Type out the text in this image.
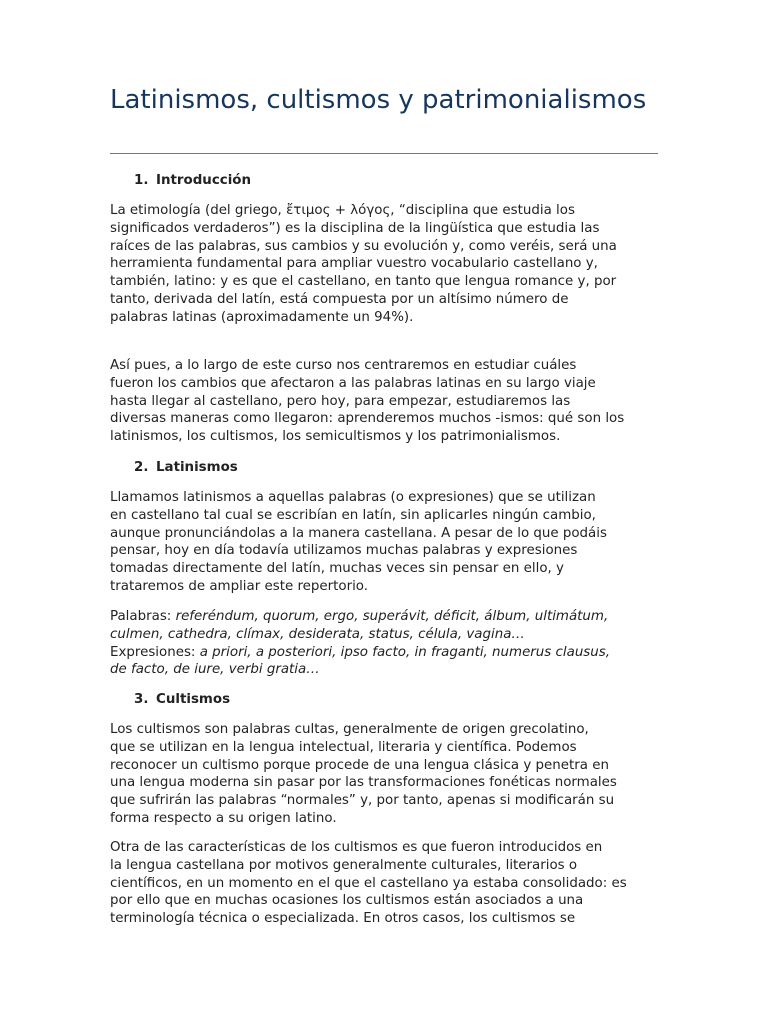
Latinismos, cultismos y patrimonialismos
1. Introducción

La etimología (del griego, ἔτιμος + λόγος, “disciplina que estudia los
significados verdaderos”) es la disciplina de la lingüística que estudia las
raíces de las palabras, sus cambios y su evolución y, como veréis, será una
herramienta fundamental para ampliar vuestro vocabulario castellano y,
también, latino: y es que el castellano, en tanto que lengua romance y, por
tanto, derivada del latín, está compuesta por un altísimo número de
palabras latinas (aproximadamente un 94%).

Así pues, a lo largo de este curso nos centraremos en estudiar cuáles
fueron los cambios que afectaron a las palabras latinas en su largo viaje
hasta llegar al castellano, pero hoy, para empezar, estudiaremos las
diversas maneras como llegaron: aprenderemos muchos -ismos: qué son los
latinismos, los cultismos, los semicultismos y los patrimonialismos.

2. Latinismos

Llamamos latinismos a aquellas palabras (o expresiones) que se utilizan
en castellano tal cual se escribían en latín, sin aplicarles ningún cambio,
aunque pronunciándolas a la manera castellana. A pesar de lo que podáis
pensar, hoy en día todavía utilizamos muchas palabras y expresiones
tomadas directamente del latín, muchas veces sin pensar en ello, y
trataremos de ampliar este repertorio.

Palabras: referéndum, quorum, ergo, superávit, déficit, álbum, ultimátum,
culmen, cathedra, clímax, desiderata, status, célula, vagina…
Expresiones: a priori, a posteriori, ipso facto, in fraganti, numerus clausus,
de facto, de iure, verbi gratia…
3. Cultismos

Los cultismos son palabras cultas, generalmente de origen grecolatino,
que se utilizan en la lengua intelectual, literaria y científica. Podemos
reconocer un cultismo porque procede de una lengua clásica y penetra en
una lengua moderna sin pasar por las transformaciones fonéticas normales
que sufrirán las palabras “normales” y, por tanto, apenas si modificarán su
forma respecto a su origen latino.

Otra de las características de los cultismos es que fueron introducidos en
la lengua castellana por motivos generalmente culturales, literarios o
científicos, en un momento en el que el castellano ya estaba consolidado: es
por ello que en muchas ocasiones los cultismos están asociados a una
terminología técnica o especializada. En otros casos, los cultismos se
